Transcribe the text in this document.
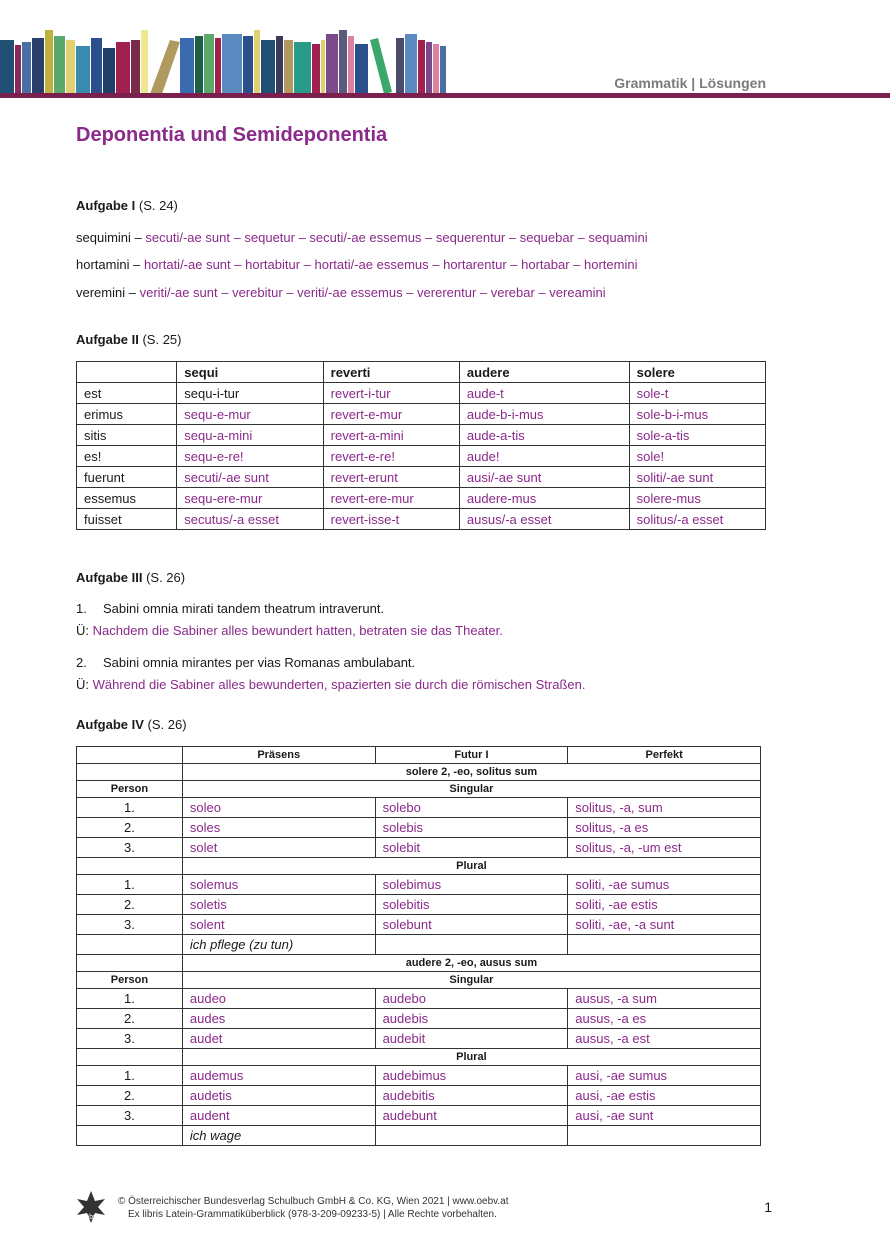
Grammatik | Lösungen
Deponentia und Semideponentia
Aufgabe I (S. 24)
sequimini – secuti/-ae sunt – sequetur – secuti/-ae essemus – sequerentur – sequebar – sequamini
hortamini – hortati/-ae sunt – hortabitur – hortati/-ae essemus – hortarentur – hortabar – hortemini
veremini – veriti/-ae sunt – verebitur – veriti/-ae essemus – vererentur – verebar – vereamini
Aufgabe II (S. 25)
	sequi	reverti	audere	solere
est	sequ-i-tur	revert-i-tur	aude-t	sole-t
erimus	sequ-e-mur	revert-e-mur	aude-b-i-mus	sole-b-i-mus
sitis	sequ-a-mini	revert-a-mini	aude-a-tis	sole-a-tis
es!	sequ-e-re!	revert-e-re!	aude!	sole!
fuerunt	secuti/-ae sunt	revert-erunt	ausi/-ae sunt	soliti/-ae sunt
essemus	sequ-ere-mur	revert-ere-mur	audere-mus	solere-mus
fuisset	secutus/-a esset	revert-isse-t	ausus/-a esset	solitus/-a esset
Aufgabe III (S. 26)
1. Sabini omnia mirati tandem theatrum intraverunt.
Ü: Nachdem die Sabiner alles bewundert hatten, betraten sie das Theater.
2. Sabini omnia mirantes per vias Romanas ambulabant.
Ü: Während die Sabiner alles bewunderten, spazierten sie durch die römischen Straßen.
Aufgabe IV (S. 26)
	Präsens	Futur I	Perfekt
	solere 2, -eo, solitus sum		
Person	Singular		
1.	soleo	solebo	solitus, -a, sum
2.	soles	solebis	solitus, -a es
3.	solet	solebit	solitus, -a, -um est
	Plural		
1.	solemus	solebimus	soliti, -ae sumus
2.	soletis	solebitis	soliti, -ae estis
3.	solent	solebunt	soliti, -ae, -a sunt
	ich pflege (zu tun)		
	audere 2, -eo, ausus sum		
Person	Singular		
1.	audeo	audebo	ausus, -a sum
2.	audes	audebis	ausus, -a es
3.	audet	audebit	ausus, -a est
	Plural		
1.	audemus	audebimus	ausi, -ae sumus
2.	audetis	audebitis	ausi, -ae estis
3.	audent	audebunt	ausi, -ae sunt
	ich wage		
öbv
© Österreichischer Bundesverlag Schulbuch GmbH & Co. KG, Wien 2021 | www.oebv.at
Ex libris Latein-Grammatiküberblick (978-3-209-09233-5) | Alle Rechte vorbehalten.	1
